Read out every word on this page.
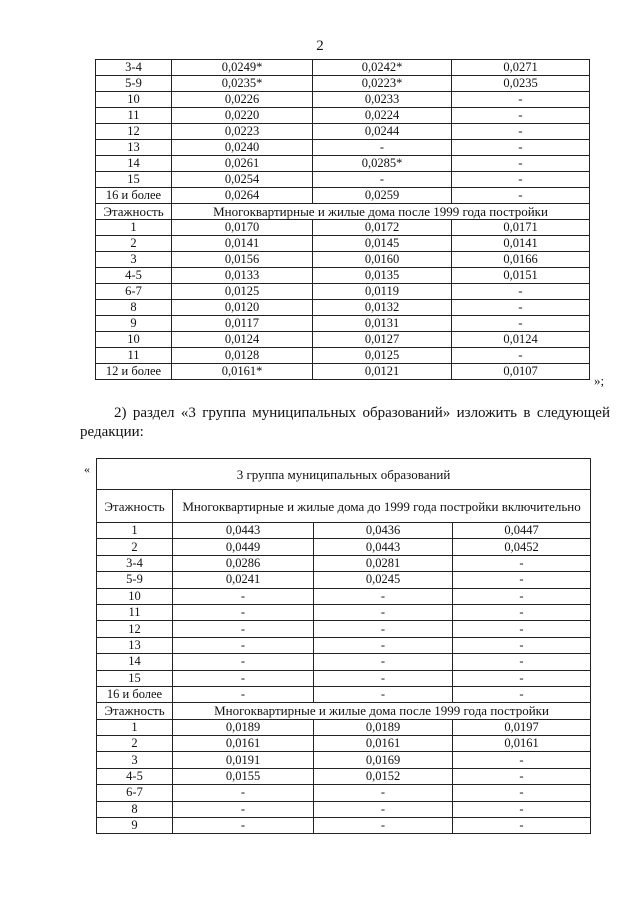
2
3-4	0,0249*	0,0242*	0,0271
5-9	0,0235*	0,0223*	0,0235
10	0,0226	0,0233	-
11	0,0220	0,0224	-
12	0,0223	0,0244	-
13	0,0240	-	-
14	0,0261	0,0285*	-
15	0,0254	-	-
16 и более	0,0264	0,0259	-
Этажность	Многоквартирные и жилые дома после 1999 года постройки		
1	0,0170	0,0172	0,0171
2	0,0141	0,0145	0,0141
3	0,0156	0,0160	0,0166
4-5	0,0133	0,0135	0,0151
6-7	0,0125	0,0119	-
8	0,0120	0,0132	-
9	0,0117	0,0131	-
10	0,0124	0,0127	0,0124
11	0,0128	0,0125	-
12 и более	0,0161*	0,0121	0,0107
»;
2) раздел «3 группа муниципальных образований» изложить в следующей редакции:
«	3 группа муниципальных образований			
Этажность	Многоквартирные и жилые дома до 1999 года постройки включительно		
1	0,0443	0,0436	0,0447
2	0,0449	0,0443	0,0452
3-4	0,0286	0,0281	-
5-9	0,0241	0,0245	-
10	-	-	-
11	-	-	-
12	-	-	-
13	-	-	-
14	-	-	-
15	-	-	-
16 и более	-	-	-
Этажность	Многоквартирные и жилые дома после 1999 года постройки		
1	0,0189	0,0189	0,0197
2	0,0161	0,0161	0,0161
3	0,0191	0,0169	-
4-5	0,0155	0,0152	-
6-7	-	-	-
8	-	-	-
9	-	-	-
